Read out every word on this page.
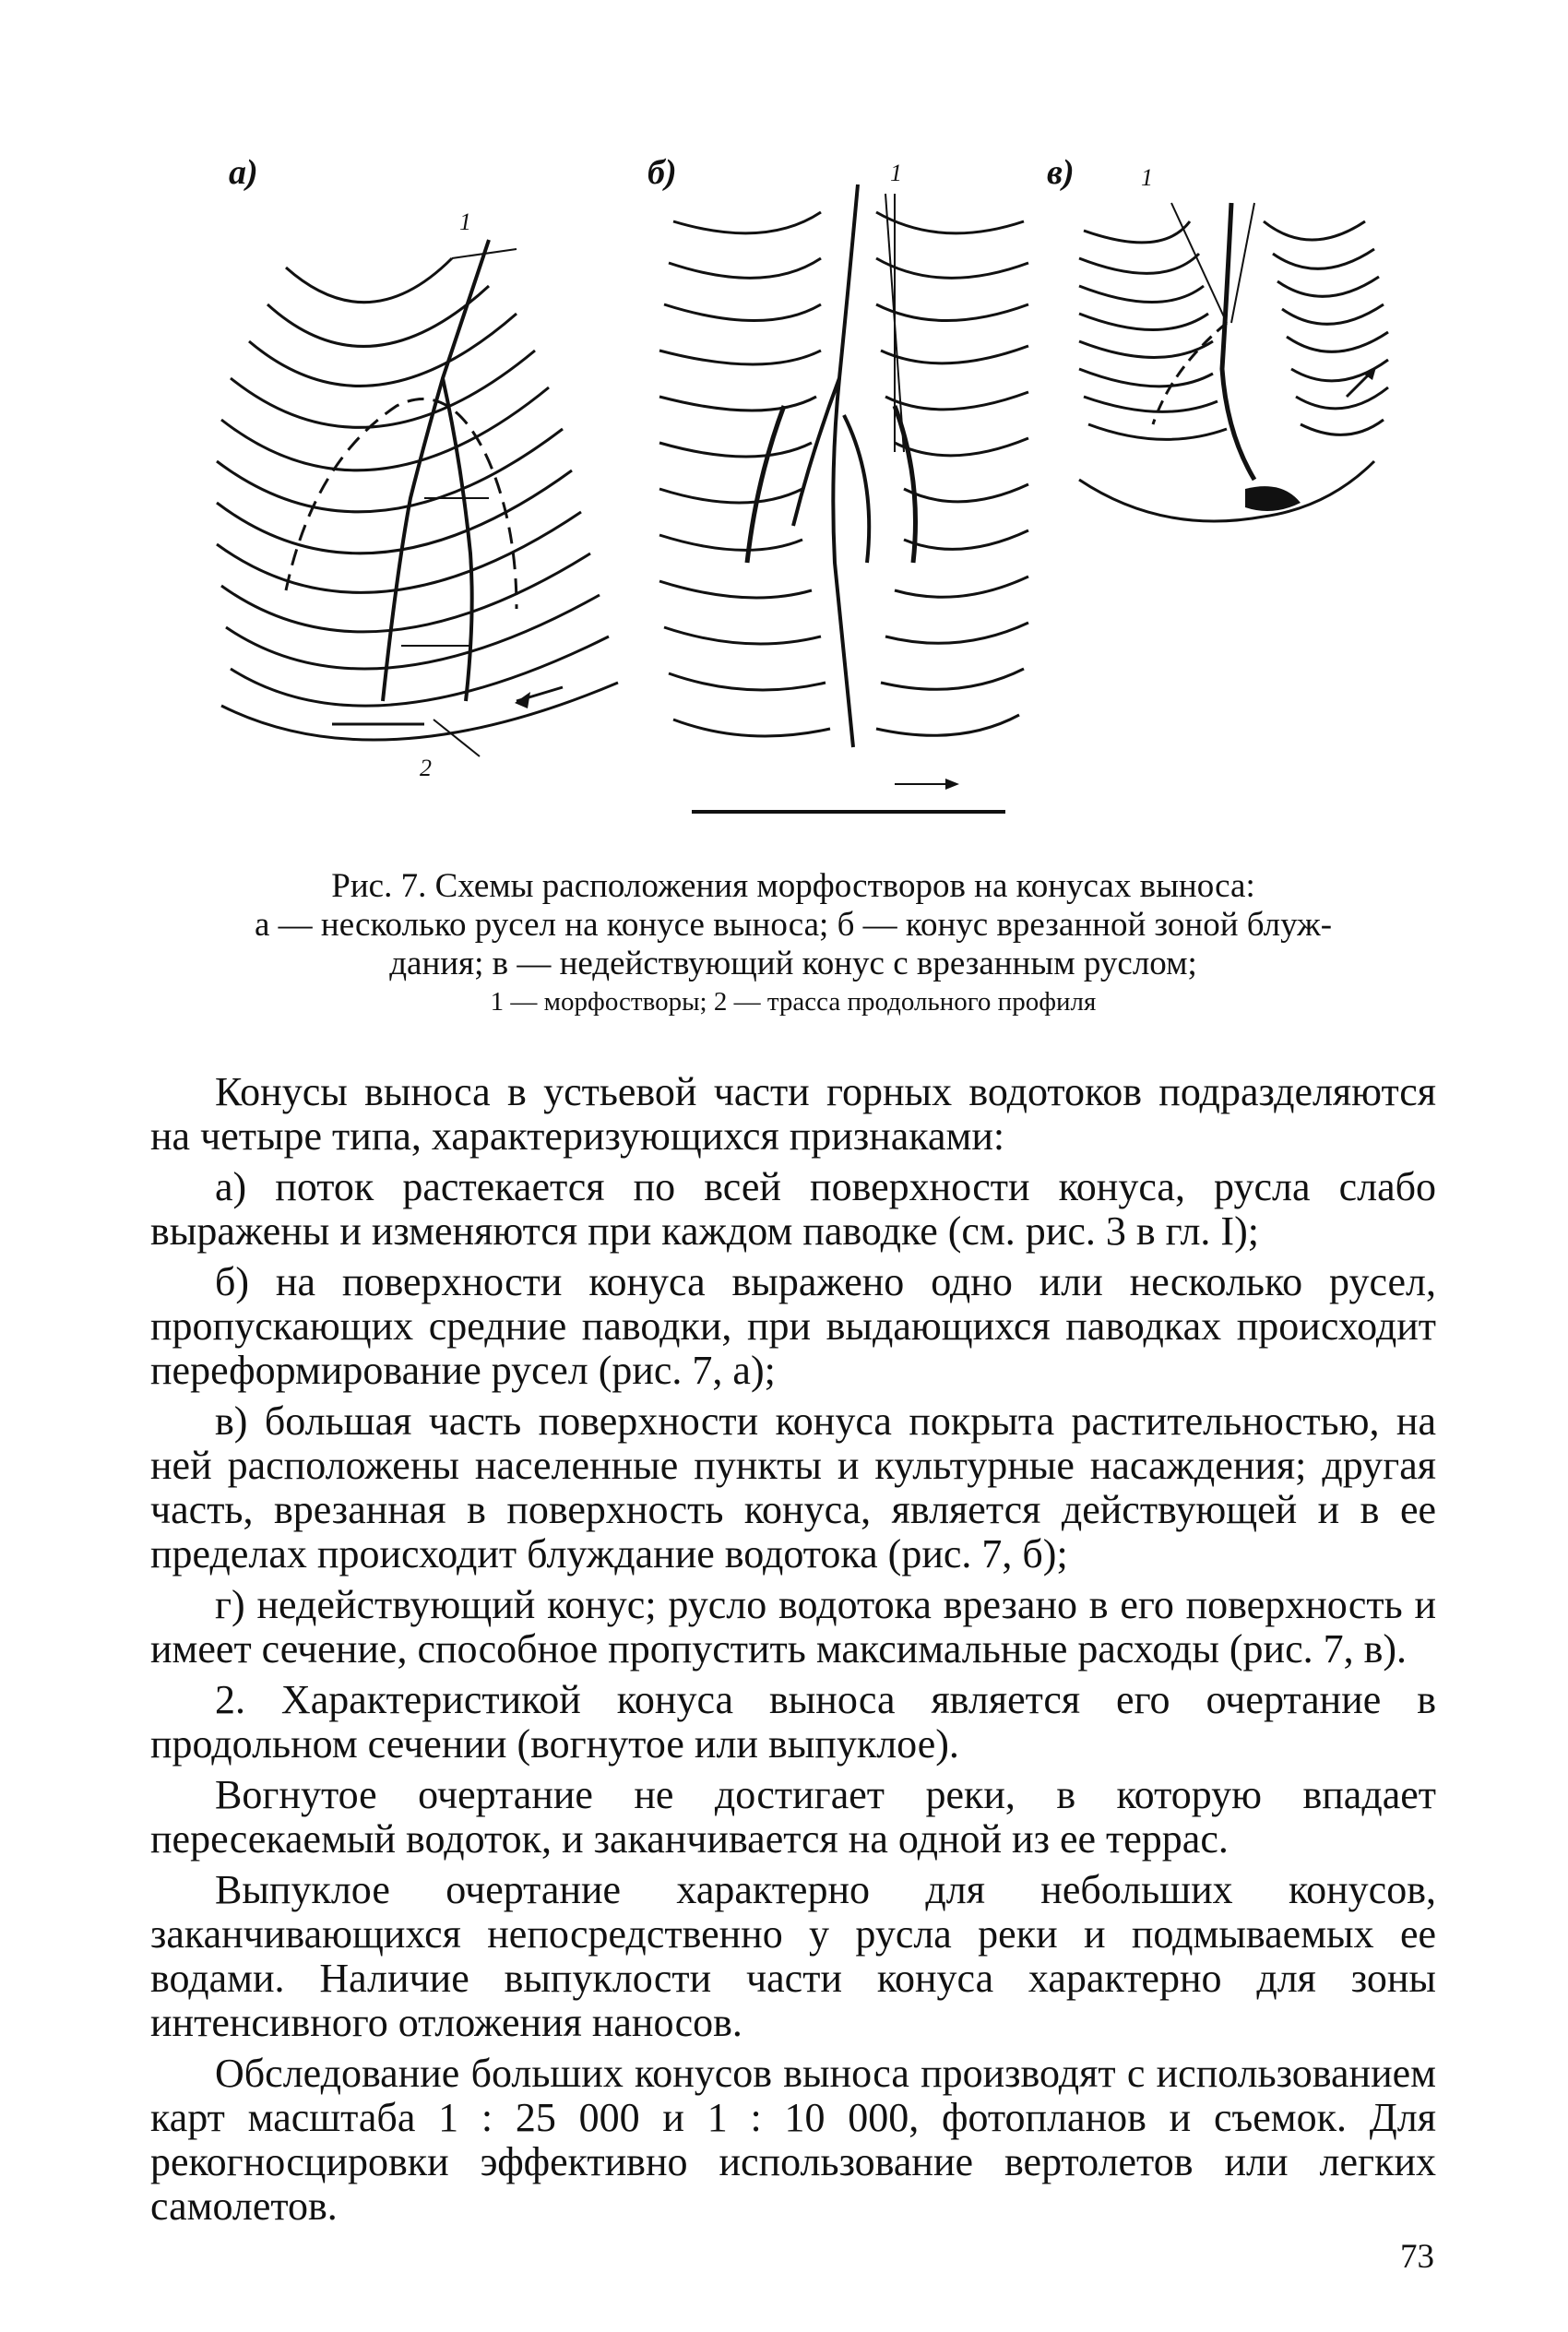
а)	б)	в)
1
2
1	1
Рис. 7. Схемы расположения морфостворов на конусах выноса:
а — несколько русел на конусе выноса; б — конус врезанной зоной блуж-
дания; в — недействующий конус с врезанным руслом;
1 — морфостворы; 2 — трасса продольного профиля

Конусы выноса в устьевой части горных водотоков подразделяются на четыре типа, характеризующихся признаками:

а) поток растекается по всей поверхности конуса, русла слабо выражены и изменяются при каждом паводке (см. рис. 3 в гл. I);

б) на поверхности конуса выражено одно или несколько русел, пропускающих средние паводки, при выдающихся паводках происходит переформирование русел (рис. 7, а);

в) большая часть поверхности конуса покрыта растительностью, на ней расположены населенные пункты и культурные насаждения; другая часть, врезанная в поверхность конуса, является действующей и в ее пределах происходит блуждание водотока (рис. 7, б);

г) недействующий конус; русло водотока врезано в его поверхность и имеет сечение, способное пропустить максимальные расходы (рис. 7, в).

2. Характеристикой конуса выноса является его очертание в продольном сечении (вогнутое или выпуклое).

Вогнутое очертание не достигает реки, в которую впадает пересекаемый водоток, и заканчивается на одной из ее террас.

Выпуклое очертание характерно для небольших конусов, заканчивающихся непосредственно у русла реки и подмываемых ее водами. Наличие выпуклости части конуса характерно для зоны интенсивного отложения наносов.

Обследование больших конусов выноса производят с использованием карт масштаба 1 : 25 000 и 1 : 10 000, фотопланов и съемок. Для рекогносцировки эффективно использование вертолетов или легких самолетов.

73
